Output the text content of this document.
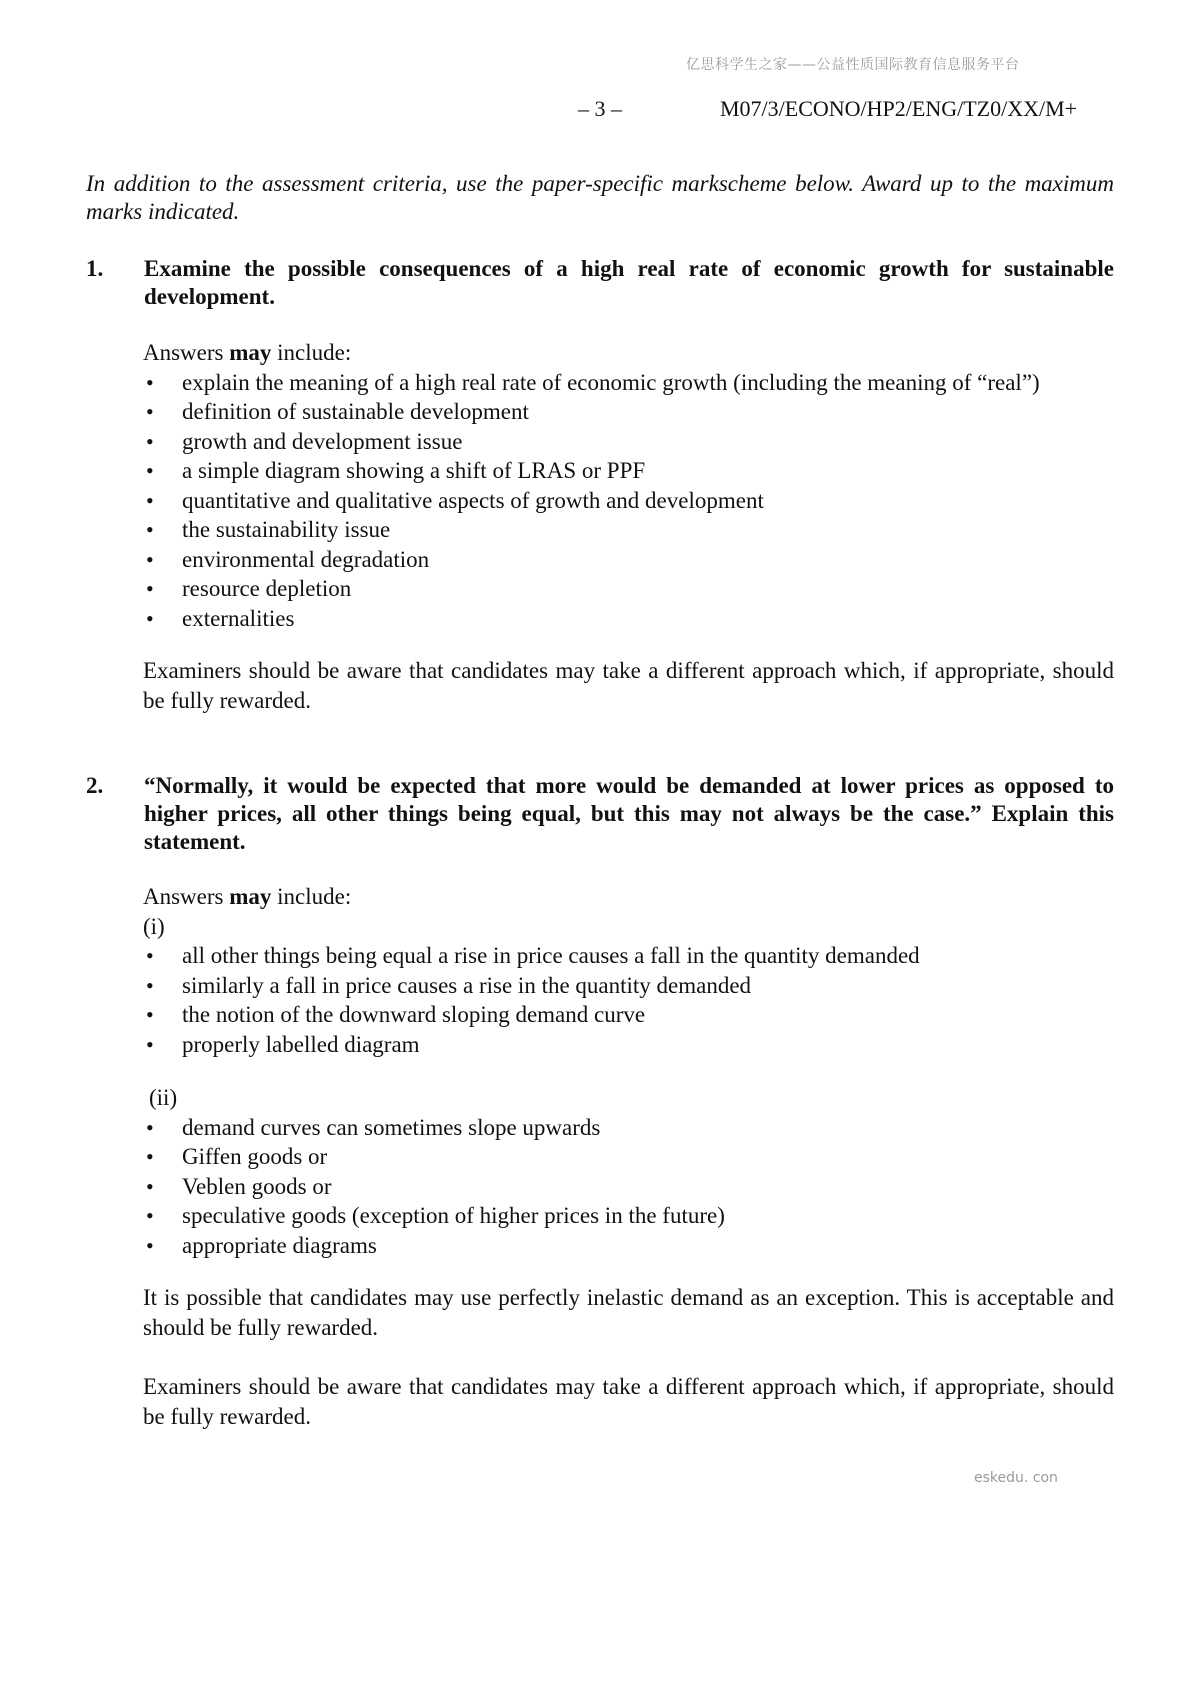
亿思科学生之家——公益性质国际教育信息服务平台
– 3 –	M07/3/ECONO/HP2/ENG/TZ0/XX/M+
In addition to the assessment criteria, use the paper-specific markscheme below. Award up to the maximum marks indicated.
1. Examine the possible consequences of a high real rate of economic growth for sustainable development.

Answers may include:

• explain the meaning of a high real rate of economic growth (including the meaning of “real”)
• definition of sustainable development
• growth and development issue
• a simple diagram showing a shift of LRAS or PPF
• quantitative and qualitative aspects of growth and development
• the sustainability issue
• environmental degradation
• resource depletion
• externalities

Examiners should be aware that candidates may take a different approach which, if appropriate, should be fully rewarded.

2. “Normally, it would be expected that more would be demanded at lower prices as opposed to higher prices, all other things being equal, but this may not always be the case.” Explain this statement.

Answers may include:

(i)

• all other things being equal a rise in price causes a fall in the quantity demanded
• similarly a fall in price causes a rise in the quantity demanded
• the notion of the downward sloping demand curve
• properly labelled diagram

(ii)

• demand curves can sometimes slope upwards
• Giffen goods or
• Veblen goods or
• speculative goods (exception of higher prices in the future)
• appropriate diagrams

It is possible that candidates may use perfectly inelastic demand as an exception. This is acceptable and should be fully rewarded.

Examiners should be aware that candidates may take a different approach which, if appropriate, should be fully rewarded.

eskedu. con
